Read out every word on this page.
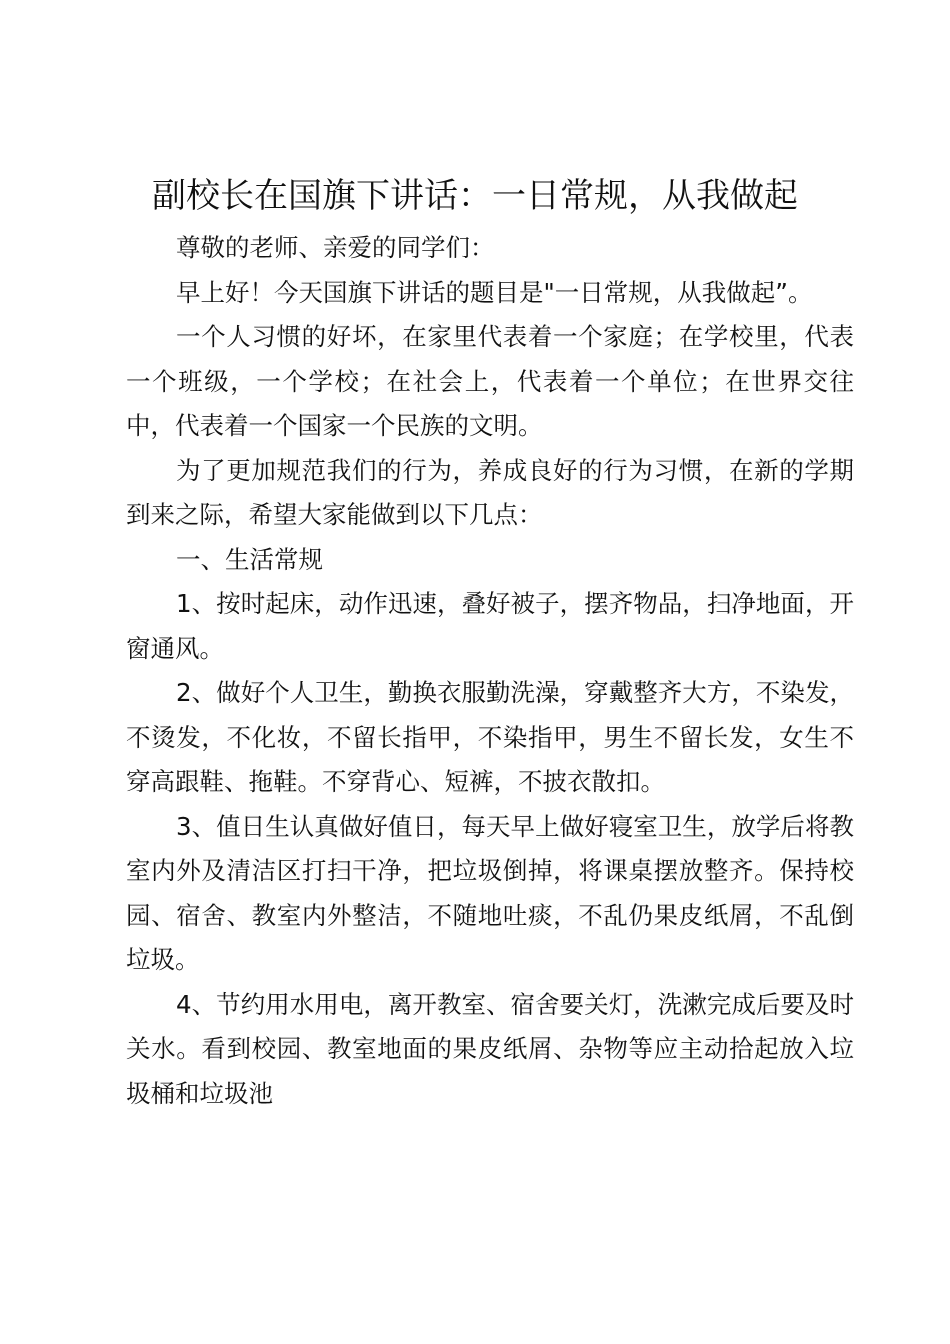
副校长在国旗下讲话：一日常规，从我做起

尊敬的老师、亲爱的同学们：

早上好！今天国旗下讲话的题目是"一日常规，从我做起”。

一个人习惯的好坏，在家里代表着一个家庭；在学校里，代表一个班级，一个学校；在社会上，代表着一个单位；在世界交往中，代表着一个国家一个民族的文明。

为了更加规范我们的行为，养成良好的行为习惯，在新的学期到来之际，希望大家能做到以下几点：

一、生活常规

1、按时起床，动作迅速，叠好被子，摆齐物品，扫净地面，开窗通风。

2、做好个人卫生，勤换衣服勤洗澡，穿戴整齐大方，不染发，不烫发，不化妆，不留长指甲，不染指甲，男生不留长发，女生不穿高跟鞋、拖鞋。不穿背心、短裤，不披衣散扣。

3、值日生认真做好值日，每天早上做好寝室卫生，放学后将教室内外及清洁区打扫干净，把垃圾倒掉，将课桌摆放整齐。保持校园、宿舍、教室内外整洁，不随地吐痰，不乱仍果皮纸屑，不乱倒垃圾。

4、节约用水用电，离开教室、宿舍要关灯，洗漱完成后要及时关水。看到校园、教室地面的果皮纸屑、杂物等应主动拾起放入垃圾桶和垃圾池
